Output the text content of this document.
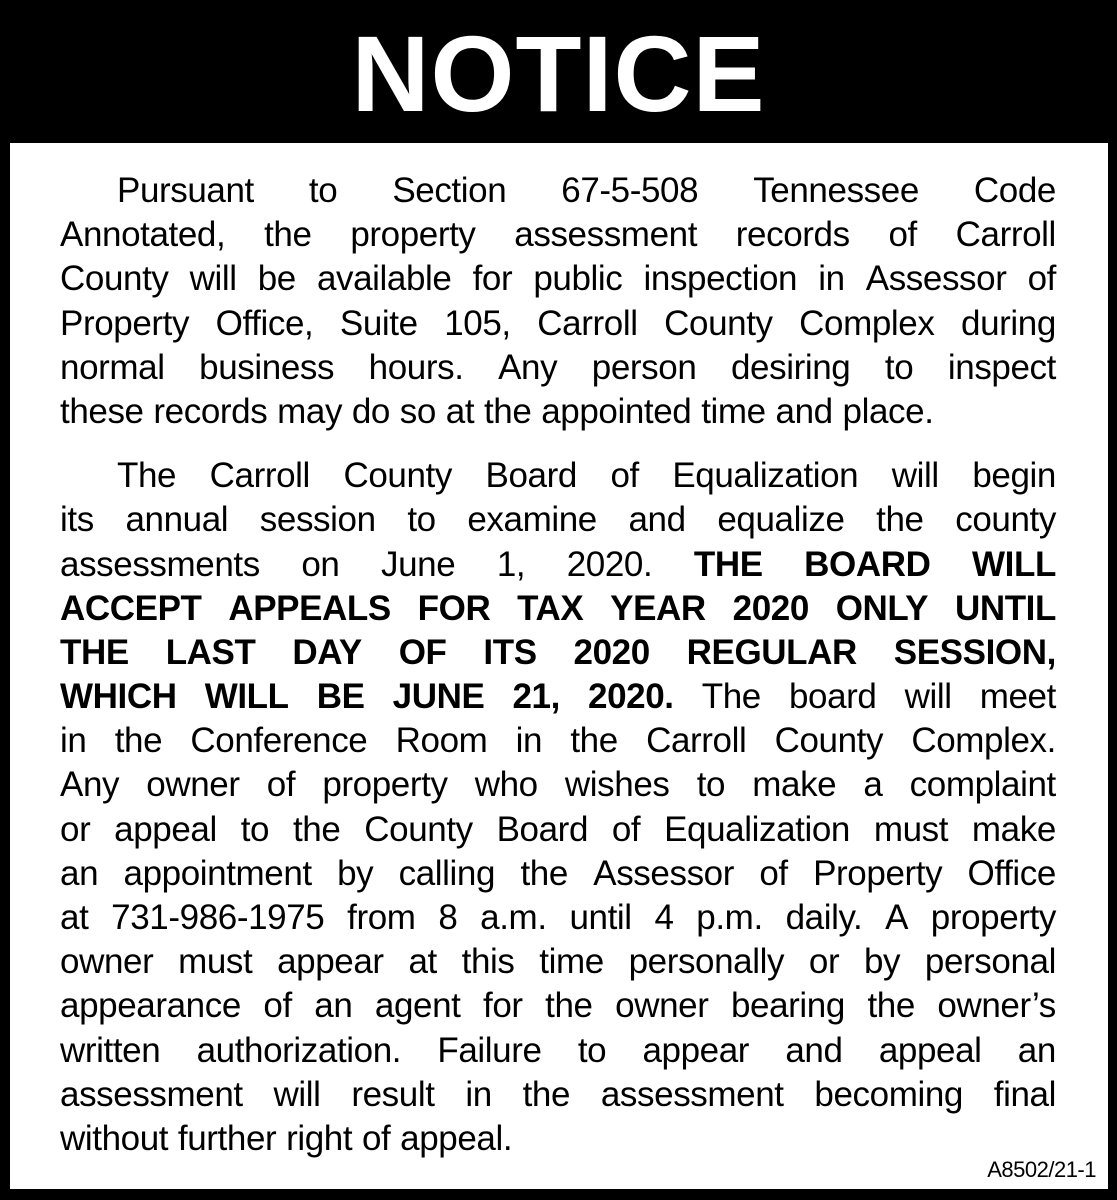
NOTICE
Pursuant to Section 67-5-508 Tennessee Code
Annotated, the property assessment records of Carroll
County will be available for public inspection in Assessor of
Property Office, Suite 105, Carroll County Complex during
normal business hours. Any person desiring to inspect
these records may do so at the appointed time and place.
The Carroll County Board of Equalization will begin
its annual session to examine and equalize the county
assessments on June 1, 2020. THE BOARD WILL
ACCEPT APPEALS FOR TAX YEAR 2020 ONLY UNTIL
THE LAST DAY OF ITS 2020 REGULAR SESSION,
WHICH WILL BE JUNE 21, 2020. The board will meet
in the Conference Room in the Carroll County Complex.
Any owner of property who wishes to make a complaint
or appeal to the County Board of Equalization must make
an appointment by calling the Assessor of Property Office
at 731-986-1975 from 8 a.m. until 4 p.m. daily. A property
owner must appear at this time personally or by personal
appearance of an agent for the owner bearing the owner’s
written authorization. Failure to appear and appeal an
assessment will result in the assessment becoming final
without further right of appeal.
A8502/21-1
